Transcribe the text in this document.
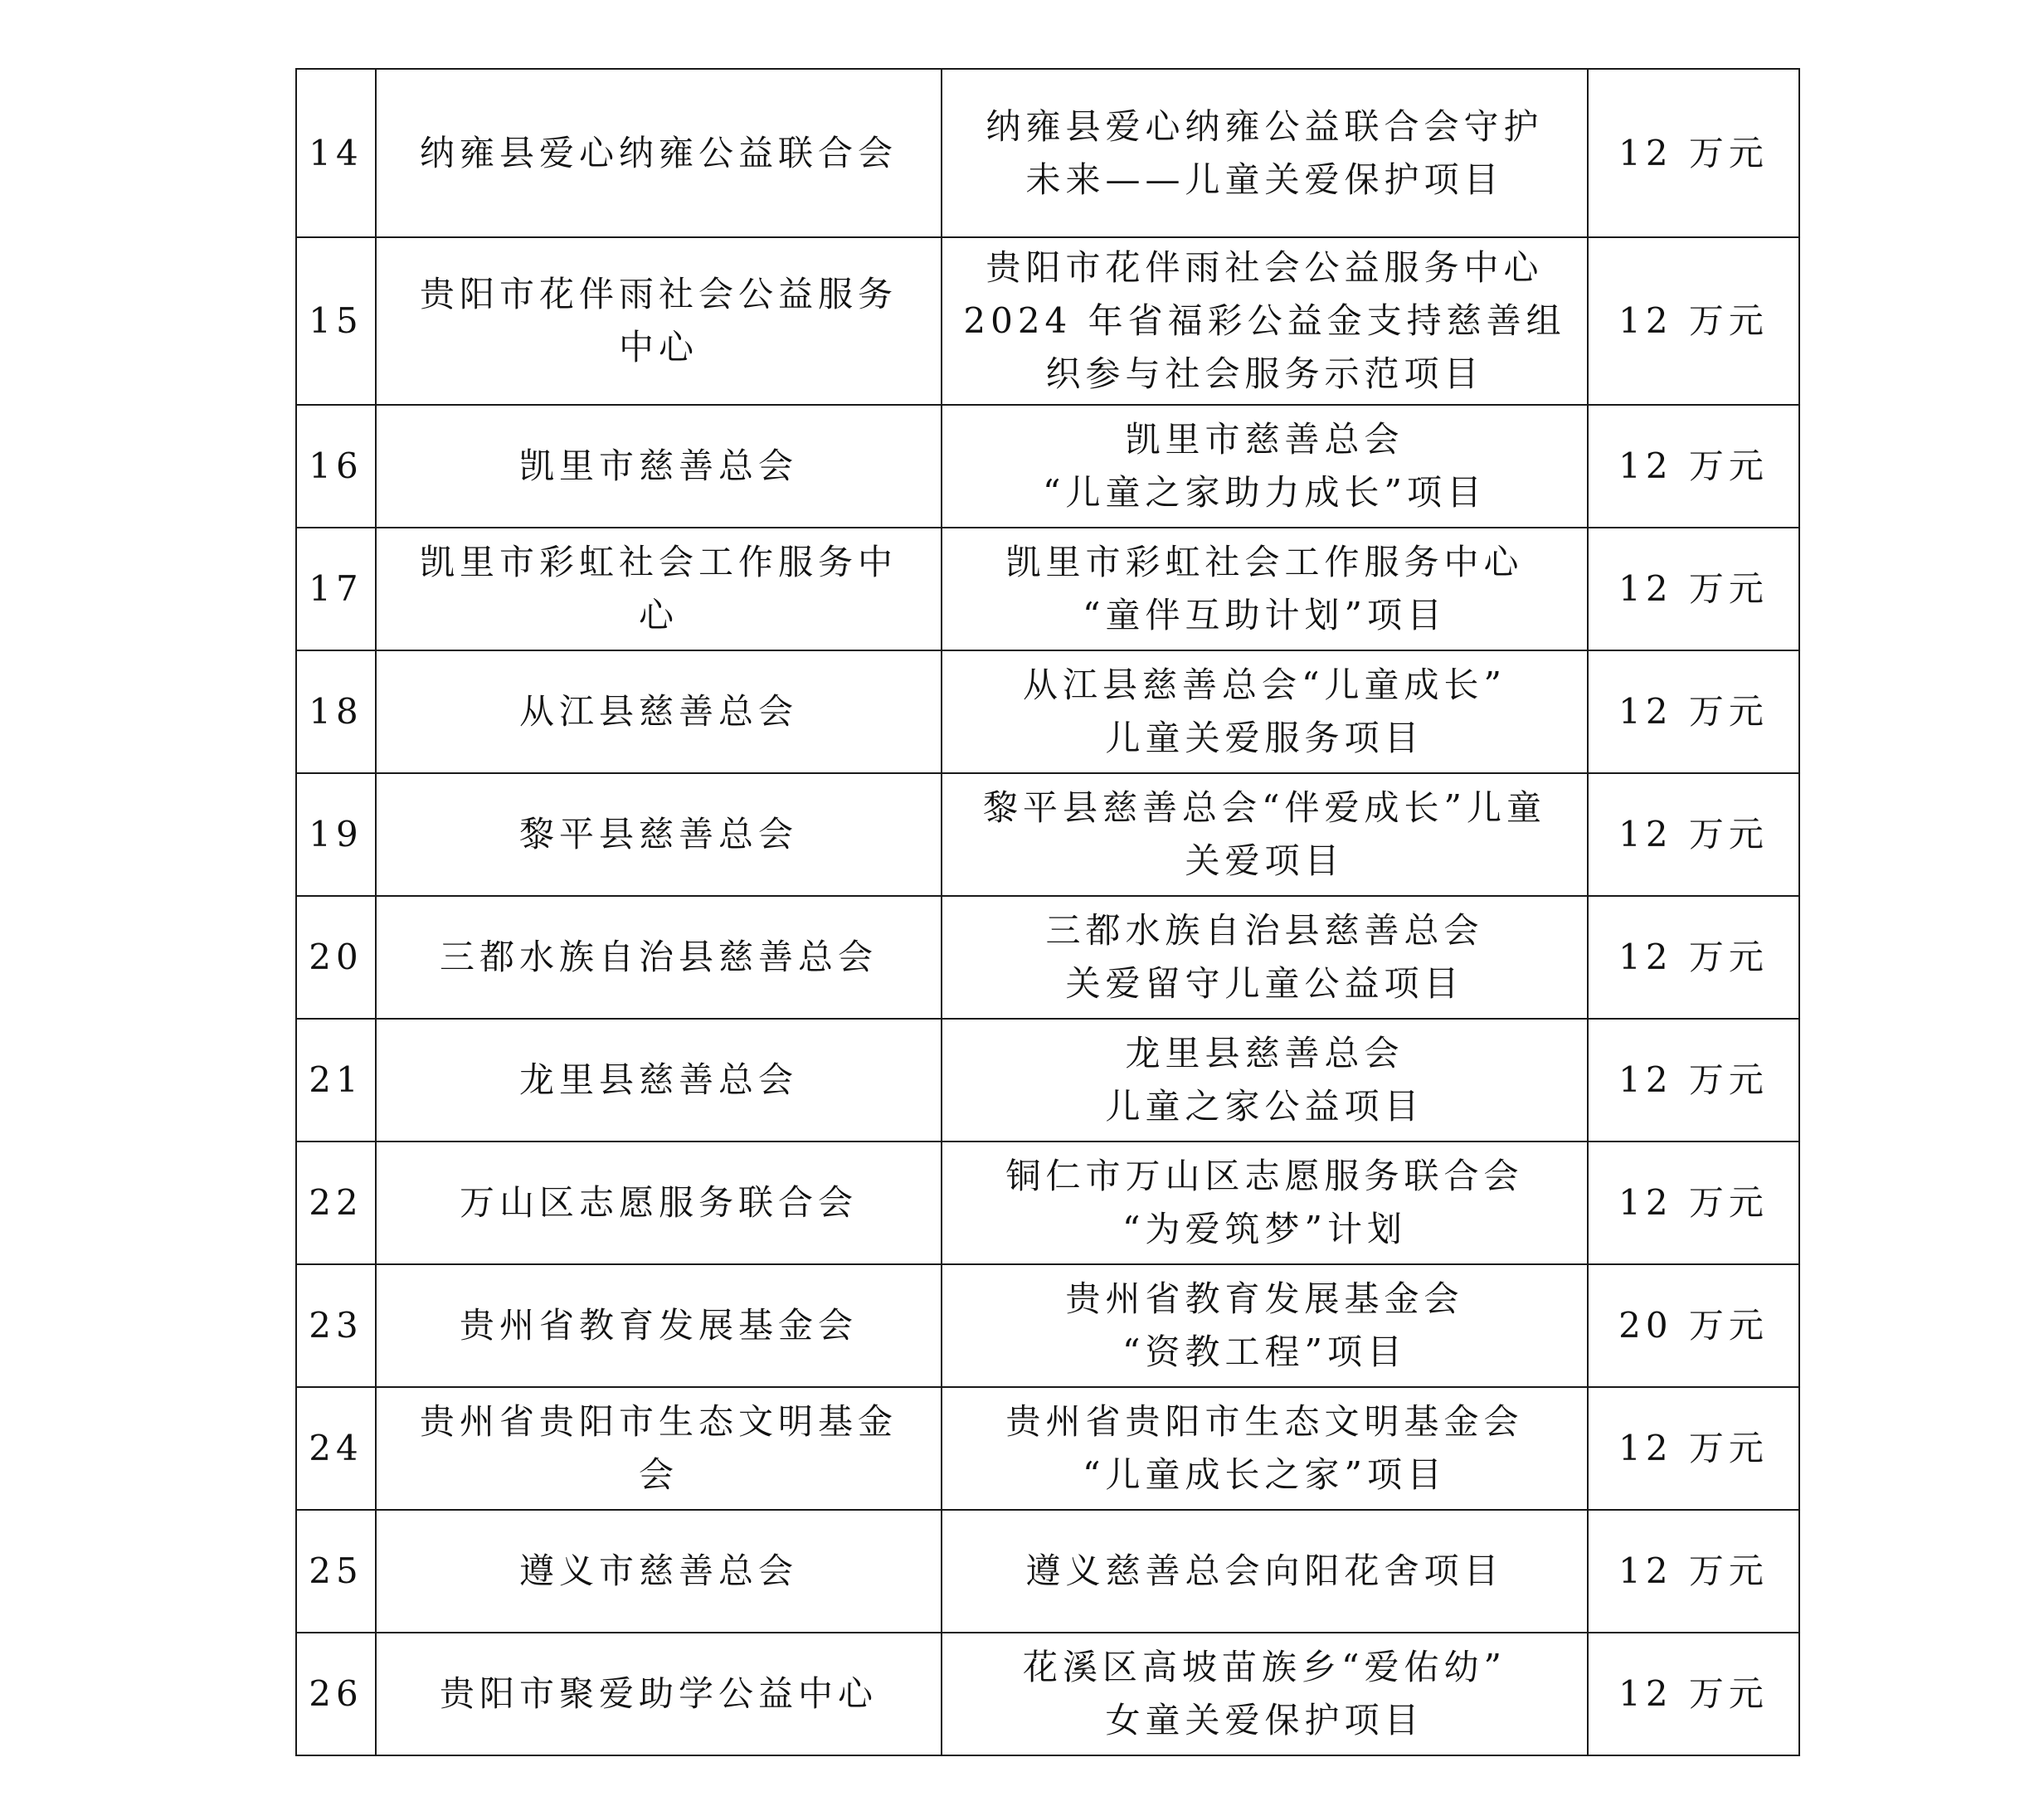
14	纳雍县爱心纳雍公益联合会	纳雍县爱心纳雍公益联合会守护
未来——儿童关爱保护项目	12 万元
15	贵阳市花伴雨社会公益服务
中心	贵阳市花伴雨社会公益服务中心
2024 年省福彩公益金支持慈善组
织参与社会服务示范项目	12 万元
16	凯里市慈善总会	凯里市慈善总会
“儿童之家助力成长”项目	12 万元
17	凯里市彩虹社会工作服务中
心	凯里市彩虹社会工作服务中心
“童伴互助计划”项目	12 万元
18	从江县慈善总会	从江县慈善总会“儿童成长”
儿童关爱服务项目	12 万元
19	黎平县慈善总会	黎平县慈善总会“伴爱成长”儿童
关爱项目	12 万元
20	三都水族自治县慈善总会	三都水族自治县慈善总会
关爱留守儿童公益项目	12 万元
21	龙里县慈善总会	龙里县慈善总会
儿童之家公益项目	12 万元
22	万山区志愿服务联合会	铜仁市万山区志愿服务联合会
“为爱筑梦”计划	12 万元
23	贵州省教育发展基金会	贵州省教育发展基金会
“资教工程”项目	20 万元
24	贵州省贵阳市生态文明基金
会	贵州省贵阳市生态文明基金会
“儿童成长之家”项目	12 万元
25	遵义市慈善总会	遵义慈善总会向阳花舍项目	12 万元
26	贵阳市聚爱助学公益中心	花溪区高坡苗族乡“爱佑幼”
女童关爱保护项目	12 万元
